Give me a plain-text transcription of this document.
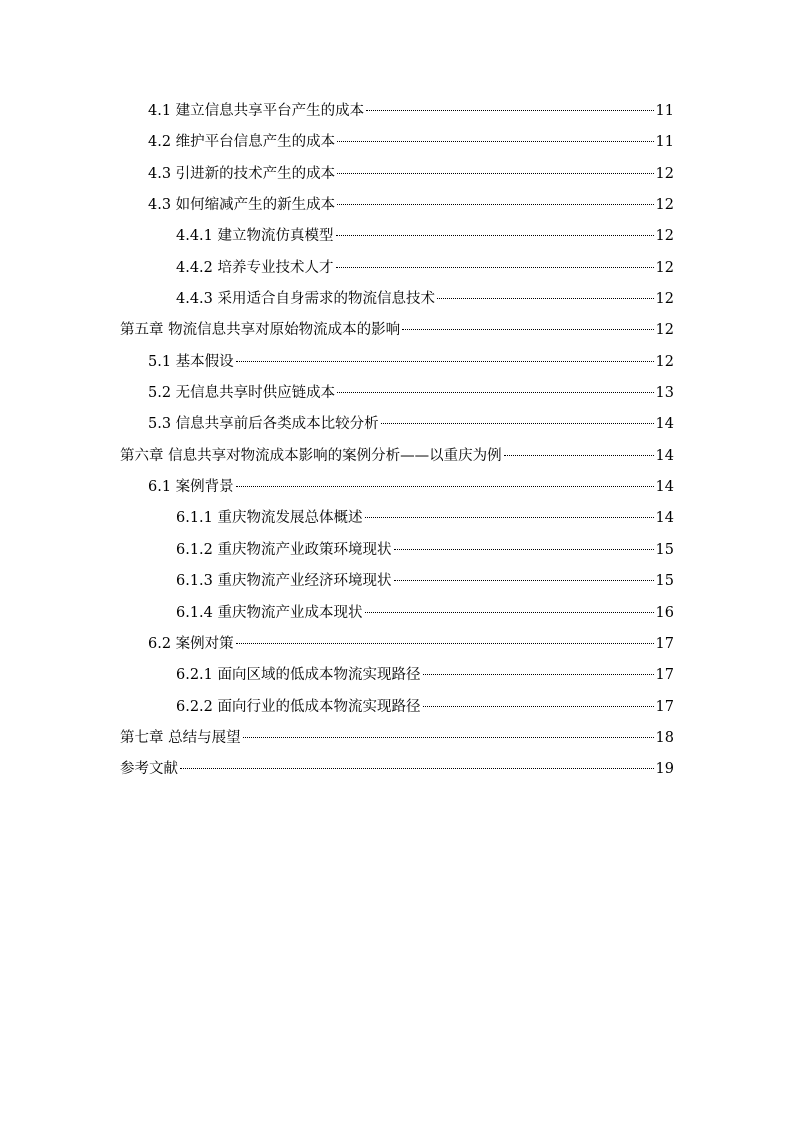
4.1 建立信息共享平台产生的成本	11
4.2 维护平台信息产生的成本	11
4.3 引进新的技术产生的成本	12
4.3 如何缩减产生的新生成本	12
4.4.1 建立物流仿真模型	12
4.4.2 培养专业技术人才	12
4.4.3 采用适合自身需求的物流信息技术	12
第五章 物流信息共享对原始物流成本的影响	12
5.1 基本假设	12
5.2 无信息共享时供应链成本	13
5.3 信息共享前后各类成本比较分析	14
第六章 信息共享对物流成本影响的案例分析——以重庆为例	14
6.1 案例背景	14
6.1.1 重庆物流发展总体概述	14
6.1.2 重庆物流产业政策环境现状	15
6.1.3 重庆物流产业经济环境现状	15
6.1.4 重庆物流产业成本现状	16
6.2 案例对策	17
6.2.1 面向区域的低成本物流实现路径	17
6.2.2 面向行业的低成本物流实现路径	17
第七章 总结与展望	18
参考文献	19
